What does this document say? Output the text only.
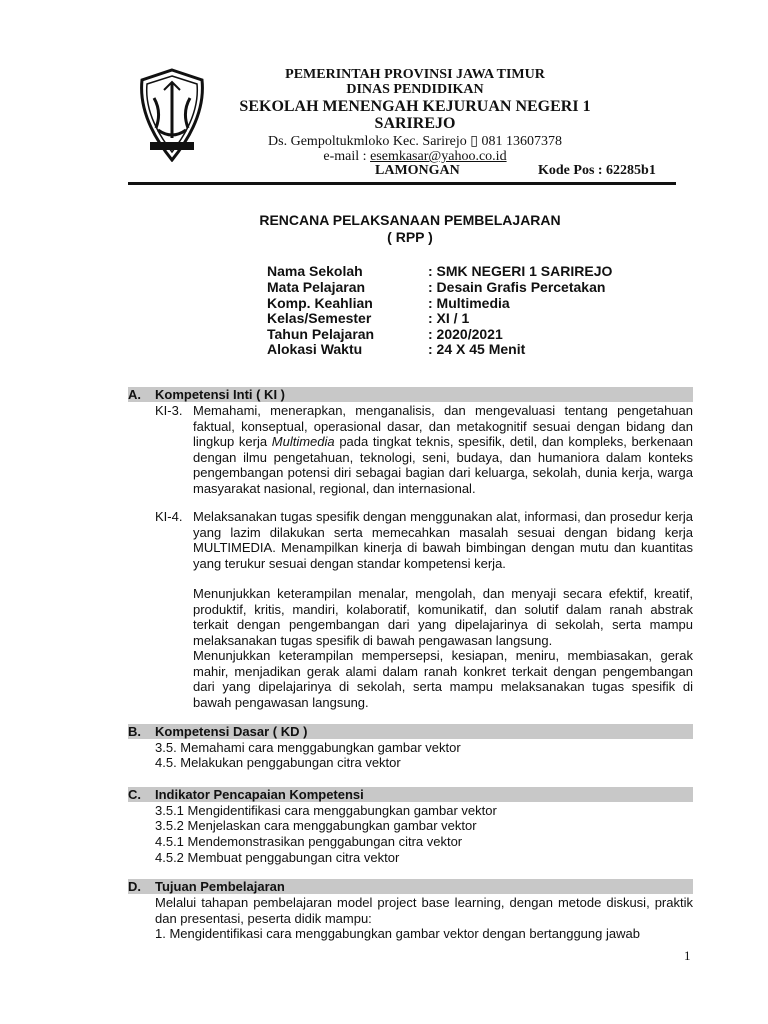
PEMERINTAH PROVINSI JAWA TIMUR
DINAS PENDIDIKAN
SEKOLAH MENENGAH KEJURUAN NEGERI 1
SARIREJO
Ds. Gempoltukmloko Kec. Sarirejo ▯ 081 13607378
e-mail : esemkasar@yahoo.co.id
LAMONGAN	Kode Pos : 62285b1
RENCANA PELAKSANAAN PEMBELAJARAN
( RPP )
Nama Sekolah	: SMK NEGERI 1 SARIREJO
Mata Pelajaran	: Desain Grafis Percetakan
Komp. Keahlian	: Multimedia
Kelas/Semester	: XI / 1
Tahun Pelajaran	: 2020/2021
Alokasi Waktu	: 24 X 45 Menit
A. Kompetensi Inti ( KI )
KI-3. Memahami, menerapkan, menganalisis, dan mengevaluasi tentang pengetahuan faktual, konseptual, operasional dasar, dan metakognitif sesuai dengan bidang dan lingkup kerja Multimedia pada tingkat teknis, spesifik, detil, dan kompleks, berkenaan dengan ilmu pengetahuan, teknologi, seni, budaya, dan humaniora dalam konteks pengembangan potensi diri sebagai bagian dari keluarga, sekolah, dunia kerja, warga masyarakat nasional, regional, dan internasional.
KI-4. Melaksanakan tugas spesifik dengan menggunakan alat, informasi, dan prosedur kerja yang lazim dilakukan serta memecahkan masalah sesuai dengan bidang kerja MULTIMEDIA. Menampilkan kinerja di bawah bimbingan dengan mutu dan kuantitas yang terukur sesuai dengan standar kompetensi kerja.
Menunjukkan keterampilan menalar, mengolah, dan menyaji secara efektif, kreatif, produktif, kritis, mandiri, kolaboratif, komunikatif, dan solutif dalam ranah abstrak terkait dengan pengembangan dari yang dipelajarinya di sekolah, serta mampu melaksanakan tugas spesifik di bawah pengawasan langsung.
Menunjukkan keterampilan mempersepsi, kesiapan, meniru, membiasakan, gerak mahir, menjadikan gerak alami dalam ranah konkret terkait dengan pengembangan dari yang dipelajarinya di sekolah, serta mampu melaksanakan tugas spesifik di bawah pengawasan langsung.
B. Kompetensi Dasar ( KD )
3.5. Memahami cara menggabungkan gambar vektor
4.5. Melakukan penggabungan citra vektor
C. Indikator Pencapaian Kompetensi
3.5.1 Mengidentifikasi cara menggabungkan gambar vektor
3.5.2 Menjelaskan cara menggabungkan gambar vektor
4.5.1 Mendemonstrasikan penggabungan citra vektor
4.5.2 Membuat penggabungan citra vektor
D. Tujuan Pembelajaran
Melalui tahapan pembelajaran model project base learning, dengan metode diskusi, praktik dan presentasi, peserta didik mampu:
1. Mengidentifikasi cara menggabungkan gambar vektor dengan bertanggung jawab
1
